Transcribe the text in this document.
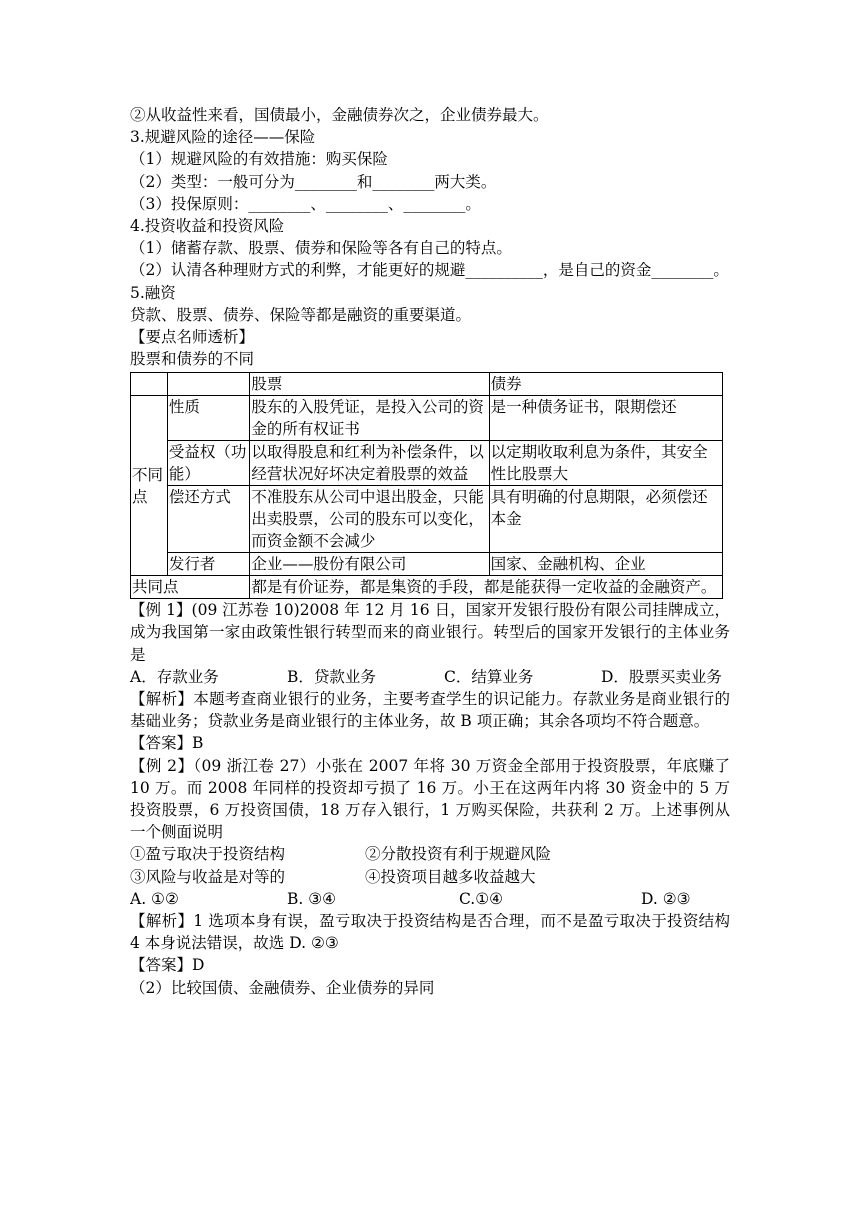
②从收益性来看，国债最小，金融债券次之，企业债券最大。
3.规避风险的途径——保险
（1）规避风险的有效措施：购买保险
（2）类型：一般可分为________和________两大类。
（3）投保原则：________、________、________。
4.投资收益和投资风险
（1）储蓄存款、股票、债券和保险等各有自己的特点。
（2）认清各种理财方式的利弊，才能更好的规避__________，是自己的资金________。
5.融资
贷款、股票、债券、保险等都是融资的重要渠道。
【要点名师透析】
股票和债券的不同
		股票	债券
不同点	性质	股东的入股凭证，是投入公司的资金的所有权证书	是一种债务证书，限期偿还
	受益权（功能）	以取得股息和红利为补偿条件，以经营状况好坏决定着股票的效益	以定期收取利息为条件，其安全性比股票大
	偿还方式	不准股东从公司中退出股金，只能出卖股票，公司的股东可以变化，而资金额不会减少	具有明确的付息期限，必须偿还本金
	发行者	企业——股份有限公司	国家、金融机构、企业
共同点		都是有价证券，都是集资的手段，都是能获得一定收益的金融资产。	
【例 1】(09 江苏卷 10)2008 年 12 月 16 日，国家开发银行股份有限公司挂牌成立，成为我国第一家由政策性银行转型而来的商业银行。转型后的国家开发银行的主体业务是
A．存款业务	B．贷款业务	C．结算业务	D．股票买卖业务
【解析】本题考查商业银行的业务，主要考查学生的识记能力。存款业务是商业银行的基础业务；贷款业务是商业银行的主体业务，故 B 项正确；其余各项均不符合题意。
【答案】B
【例 2】（09 浙江卷 27）小张在 2007 年将 30 万资金全部用于投资股票，年底赚了 10 万。而 2008 年同样的投资却亏损了 16 万。小王在这两年内将 30 资金中的 5 万投资股票，6 万投资国债，18 万存入银行，1 万购买保险，共获利 2 万。上述事例从一个侧面说明
①盈亏取决于投资结构	②分散投资有利于规避风险
③风险与收益是对等的	④投资项目越多收益越大
A. ①②	B. ③④	C.①④	D. ②③
【解析】1 选项本身有误，盈亏取决于投资结构是否合理，而不是盈亏取决于投资结构 4 本身说法错误，故选 D. ②③
【答案】D
（2）比较国债、金融债券、企业债券的异同
